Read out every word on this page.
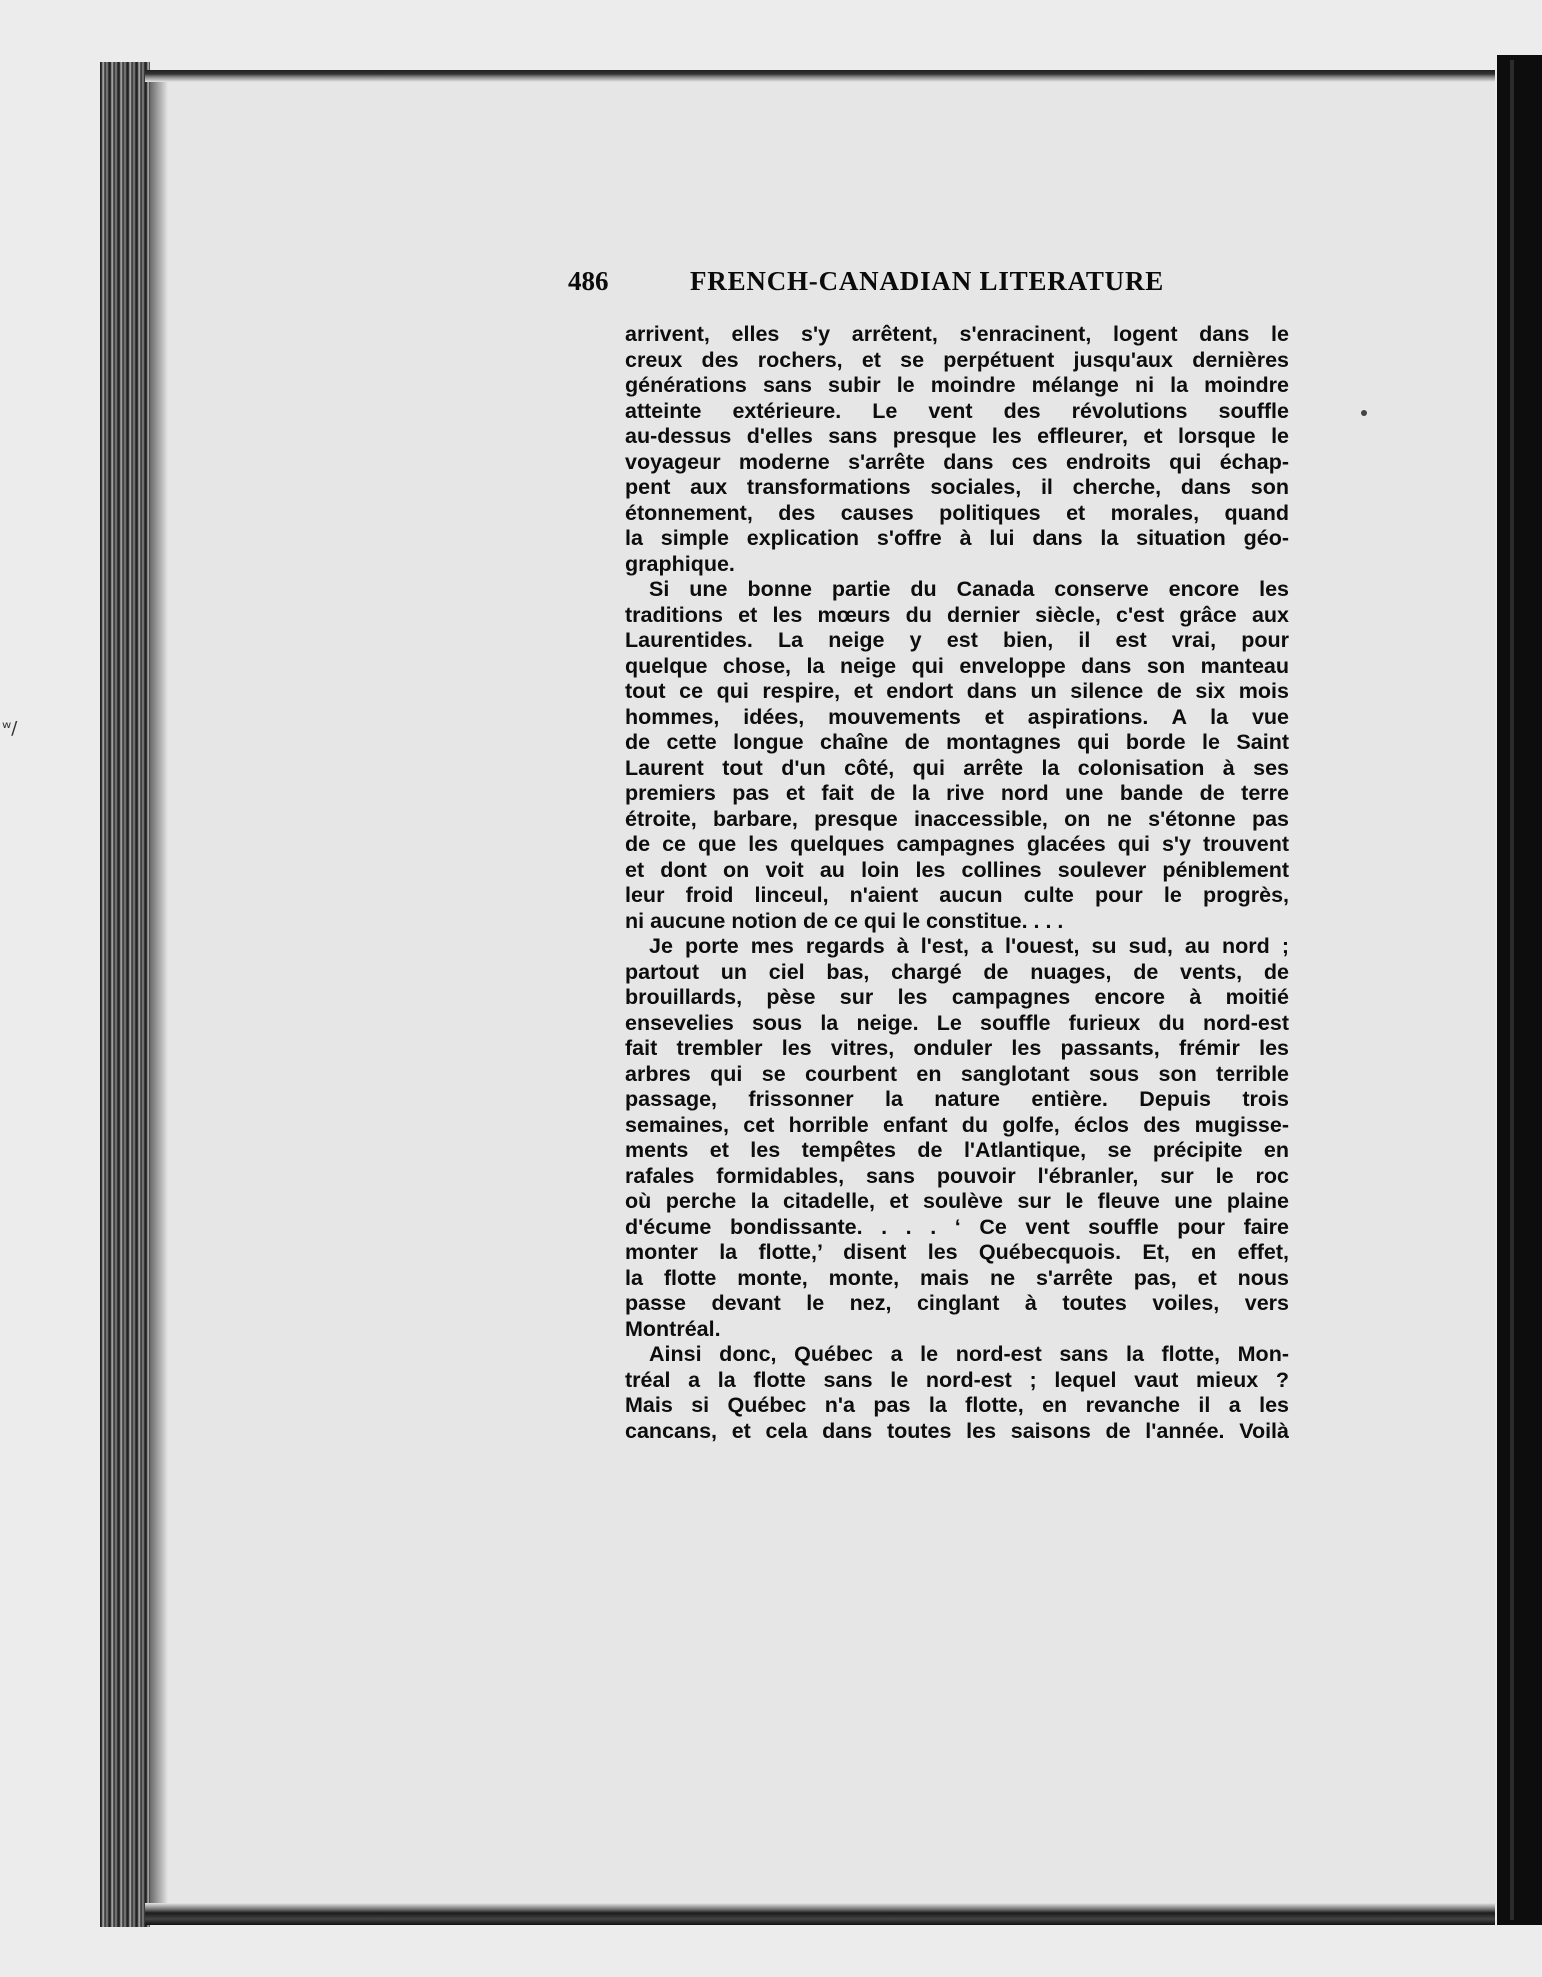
ʷ/
486	FRENCH-CANADIAN LITERATURE
arrivent, elles s'y arrêtent, s'enracinent, logent dans le
creux des rochers, et se perpétuent jusqu'aux dernières
générations sans subir le moindre mélange ni la moindre
atteinte extérieure. Le vent des révolutions souffle
au-dessus d'elles sans presque les effleurer, et lorsque le
voyageur moderne s'arrête dans ces endroits qui échap-
pent aux transformations sociales, il cherche, dans son
étonnement, des causes politiques et morales, quand
la simple explication s'offre à lui dans la situation géo-
graphique.
Si une bonne partie du Canada conserve encore les
traditions et les mœurs du dernier siècle, c'est grâce aux
Laurentides. La neige y est bien, il est vrai, pour
quelque chose, la neige qui enveloppe dans son manteau
tout ce qui respire, et endort dans un silence de six mois
hommes, idées, mouvements et aspirations. A la vue
de cette longue chaîne de montagnes qui borde le Saint
Laurent tout d'un côté, qui arrête la colonisation à ses
premiers pas et fait de la rive nord une bande de terre
étroite, barbare, presque inaccessible, on ne s'étonne pas
de ce que les quelques campagnes glacées qui s'y trouvent
et dont on voit au loin les collines soulever péniblement
leur froid linceul, n'aient aucun culte pour le progrès,
ni aucune notion de ce qui le constitue. . . .
Je porte mes regards à l'est, a l'ouest, su sud, au nord ;
partout un ciel bas, chargé de nuages, de vents, de
brouillards, pèse sur les campagnes encore à moitié
ensevelies sous la neige. Le souffle furieux du nord-est
fait trembler les vitres, onduler les passants, frémir les
arbres qui se courbent en sanglotant sous son terrible
passage, frissonner la nature entière. Depuis trois
semaines, cet horrible enfant du golfe, éclos des mugisse-
ments et les tempêtes de l'Atlantique, se précipite en
rafales formidables, sans pouvoir l'ébranler, sur le roc
où perche la citadelle, et soulève sur le fleuve une plaine
d'écume bondissante. . . . ‘ Ce vent souffle pour faire
monter la flotte,’ disent les Québecquois. Et, en effet,
la flotte monte, monte, mais ne s'arrête pas, et nous
passe devant le nez, cinglant à toutes voiles, vers
Montréal.
Ainsi donc, Québec a le nord-est sans la flotte, Mon-
tréal a la flotte sans le nord-est ; lequel vaut mieux ?
Mais si Québec n'a pas la flotte, en revanche il a les
cancans, et cela dans toutes les saisons de l'année. Voilà
